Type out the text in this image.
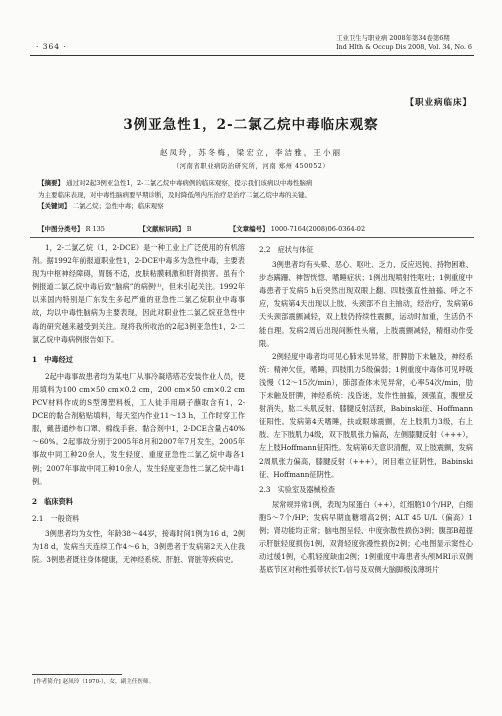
· 364 ·
工业卫生与职业病 2008年第34卷第6期
Ind Hlth & Occup Dis 2008, Vol. 34, No. 6
【职业病临床】
3例亚急性1，2-二氯乙烷中毒临床观察
赵凤玲，苏冬梅，梁宏立，李洁雅，王小丽
（河南省职业病防治研究所，河南 郑州 450052）

【摘要】 通过对2起3例亚急性1，2-二氯乙烷中毒病例的临床观察，提示我们该病以中毒性脑病

为主要临床表现，对中毒性脑病要早期诊断，及时降低颅内压治疗是治疗二氯乙烷中毒的关键。

【关键词】 二氯乙烷；急性中毒；临床观察

【中图分类号】 R 135	【文献标识码】 B	【文章编号】 1000-7164(2008)06-0364-02

1，2-二氯乙烷（1，2-DCE）是一种工业上广泛使用的有机溶剂。据1992年前报道职业性1，2-DCE中毒多为急性中毒，主要表现为中枢神经障碍，胃肠不适，皮肤粘膜刺激和肝肾损害。虽有个例报道二氯乙烷中毒后致“脑病”的病例⁽¹⁾，但未引起关注。1992年以来国内特别是广东发生多起严重的亚急性二氯乙烷职业中毒事故，均以中毒性脑病为主要表现，因此对职业性二氯乙烷亚急性中毒的研究越来越受到关注。现将我所收治的2起3例亚急性1，2-二氯乙烷中毒病例报告如下。

1　中毒经过

2起中毒事故患者均为某电厂从事冷凝塔塔芯安装作业人员，使用填料为100 cm×50 cm×0.2 cm，200 cm×50 cm×0.2 cm PCV材料作成的S型薄塑料板，工人徒手用刷子蘸取含有1，2-DCE的黏合剂粘贴填料，每天室内作业11～13 h，工作时穿工作服，戴普通纱布口罩、棉线手套。黏合剂中1，2-DCE含量占40%～60%。2起事故分别于2005年8月和2007年7月发生，2005年事故中同工种20余人，发生轻度、重度亚急性二氯乙烷中毒各1例；2007年事故中同工种10余人，发生轻度亚急性二氯乙烷中毒1例。

2　临床资料
2.1　一般资料

3例患者均为女性，年龄38～44岁，接毒时间1例为16 d，2例为18 d，发病当天连续工作4～6 h，3例患者于发病第2天入住我院。3例患者既往身体健康，无神经系统、肝脏、肾脏等疾病史。

2.2　症状与体征

3例患者均有头晕、恶心、呕吐、乏力、反应迟钝、持物困难、步态蹒跚、神智恍惚、嗜睡症状；1例出现喷射性呕吐；1例重度中毒患者于发病5 h后突然出现双眼上翻、四肢强直性抽搐、呼之不应，发病第4天出现以上肢、头颈部不自主抽动，经治疗，发病第6天头颈部震颤减轻，双上肢仍持续性震颤，运动时加重，生活仍不能自理。发病2周后出现间断性头痛，上肢震颤减轻，精细动作受限。

2例轻度中毒者均可见心肺未见异常，肝脾肋下未触及，神经系统：精神欠佳，嗜睡，四肢肌力5级偏弱；1例重度中毒体可见呼吸浅慢（12～15次/min），肺部查体未见异常，心率54次/min，肋下未触及肝脾，神经系统：浅昏迷，发作性抽搐，颈强直，腹壁反射消失，肱二头肌反射、膝腱反射活跃，Babinski征、Hoffmann征阳性。发病第4天嗜睡，扶或眼球震颤，左上肢肌力3级，右上肢、左下肢肌力4级，双下肢肌张力偏高，左侧膝腱反射（+++），左上肢Hoffmann征阳性。发病第6天意识清醒，双上肢震颤，发病2周肌张力偏高，膝腱反射（+++），闭目难立征阴性，Babinski征、Hoffmann征阴性。

2.3　实验室及器械检查

尿常规异常1例，表现为尿蛋白（++），红细胞10个/HP，白细胞5～7个/HP；发病早期血糖增高2例；ALT 45 U/L（偏高）1例；肾功能均正常；脑电图呈轻、中度弥散性损伤3例；腹部B超提示肝脏轻度损伤1例，双肾轻度弥漫性损伤2例；心电图显示窦性心动过缓1例，心肌轻度缺血2例；1例重度中毒患者头颅MRI示双侧基底节区对称性弧带状长T₂信号及双侧大脑脚极浅薄斑片

[作者简介] 赵凤玲（1970-），女，副主任医师。
